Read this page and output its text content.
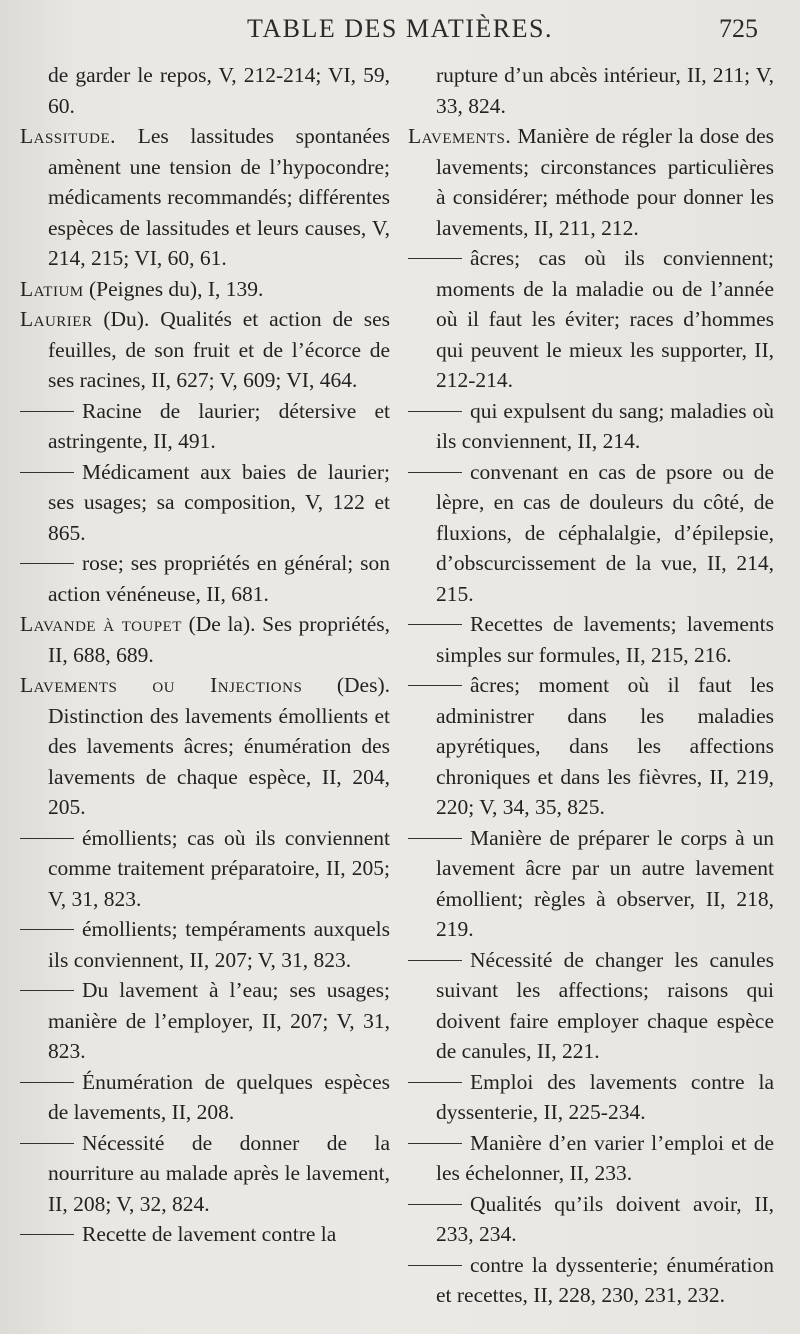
TABLE DES MATIÈRES.	725

de garder le repos, V, 212-214; VI, 59, 60.

Lassitude. Les lassitudes spontanées amènent une tension de l’hypocondre; médicaments recommandés; différentes espèces de lassitudes et leurs causes, V, 214, 215; VI, 60, 61.

Latium (Peignes du), I, 139.

Laurier (Du). Qualités et action de ses feuilles, de son fruit et de l’écorce de ses racines, II, 627; V, 609; VI, 464.

Racine de laurier; détersive et astringente, II, 491.

Médicament aux baies de laurier; ses usages; sa composition, V, 122 et 865.

rose; ses propriétés en général; son action vénéneuse, II, 681.

Lavande à toupet (De la). Ses propriétés, II, 688, 689.

Lavements ou Injections (Des). Distinction des lavements émollients et des lavements âcres; énumération des lavements de chaque espèce, II, 204, 205.

émollients; cas où ils conviennent comme traitement préparatoire, II, 205; V, 31, 823.

émollients; tempéraments auxquels ils conviennent, II, 207; V, 31, 823.

Du lavement à l’eau; ses usages; manière de l’employer, II, 207; V, 31, 823.

Énumération de quelques espèces de lavements, II, 208.

Nécessité de donner de la nourriture au malade après le lavement, II, 208; V, 32, 824.

Recette de lavement contre la

rupture d’un abcès intérieur, II, 211; V, 33, 824.

Lavements. Manière de régler la dose des lavements; circonstances particulières à considérer; méthode pour donner les lavements, II, 211, 212.

âcres; cas où ils conviennent; moments de la maladie ou de l’année où il faut les éviter; races d’hommes qui peuvent le mieux les supporter, II, 212-214.

qui expulsent du sang; maladies où ils conviennent, II, 214.

convenant en cas de psore ou de lèpre, en cas de douleurs du côté, de fluxions, de céphalalgie, d’épilepsie, d’obscurcissement de la vue, II, 214, 215.

Recettes de lavements; lavements simples sur formules, II, 215, 216.

âcres; moment où il faut les administrer dans les maladies apyrétiques, dans les affections chroniques et dans les fièvres, II, 219, 220; V, 34, 35, 825.

Manière de préparer le corps à un lavement âcre par un autre lavement émollient; règles à observer, II, 218, 219.

Nécessité de changer les canules suivant les affections; raisons qui doivent faire employer chaque espèce de canules, II, 221.

Emploi des lavements contre la dyssenterie, II, 225-234.

Manière d’en varier l’emploi et de les échelonner, II, 233.

Qualités qu’ils doivent avoir, II, 233, 234.

contre la dyssenterie; énumération et recettes, II, 228, 230, 231, 232.
